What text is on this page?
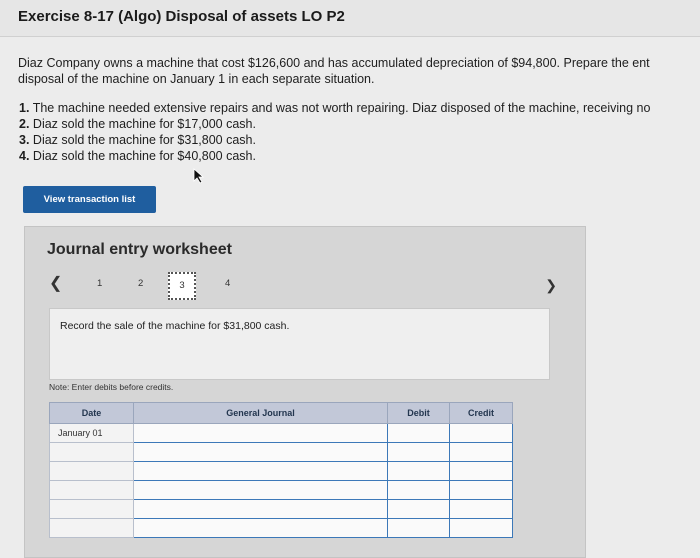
Exercise 8-17 (Algo) Disposal of assets LO P2
Diaz Company owns a machine that cost $126,600 and has accumulated depreciation of $94,800. Prepare the ent
disposal of the machine on January 1 in each separate situation.
1. The machine needed extensive repairs and was not worth repairing. Diaz disposed of the machine, receiving no
2. Diaz sold the machine for $17,000 cash.
3. Diaz sold the machine for $31,800 cash.
4. Diaz sold the machine for $40,800 cash.
View transaction list
Journal entry worksheet
❮	1	2	3	4	❯
Record the sale of the machine for $31,800 cash.
Note: Enter debits before credits.
Date	General Journal	Debit	Credit
January 01			
